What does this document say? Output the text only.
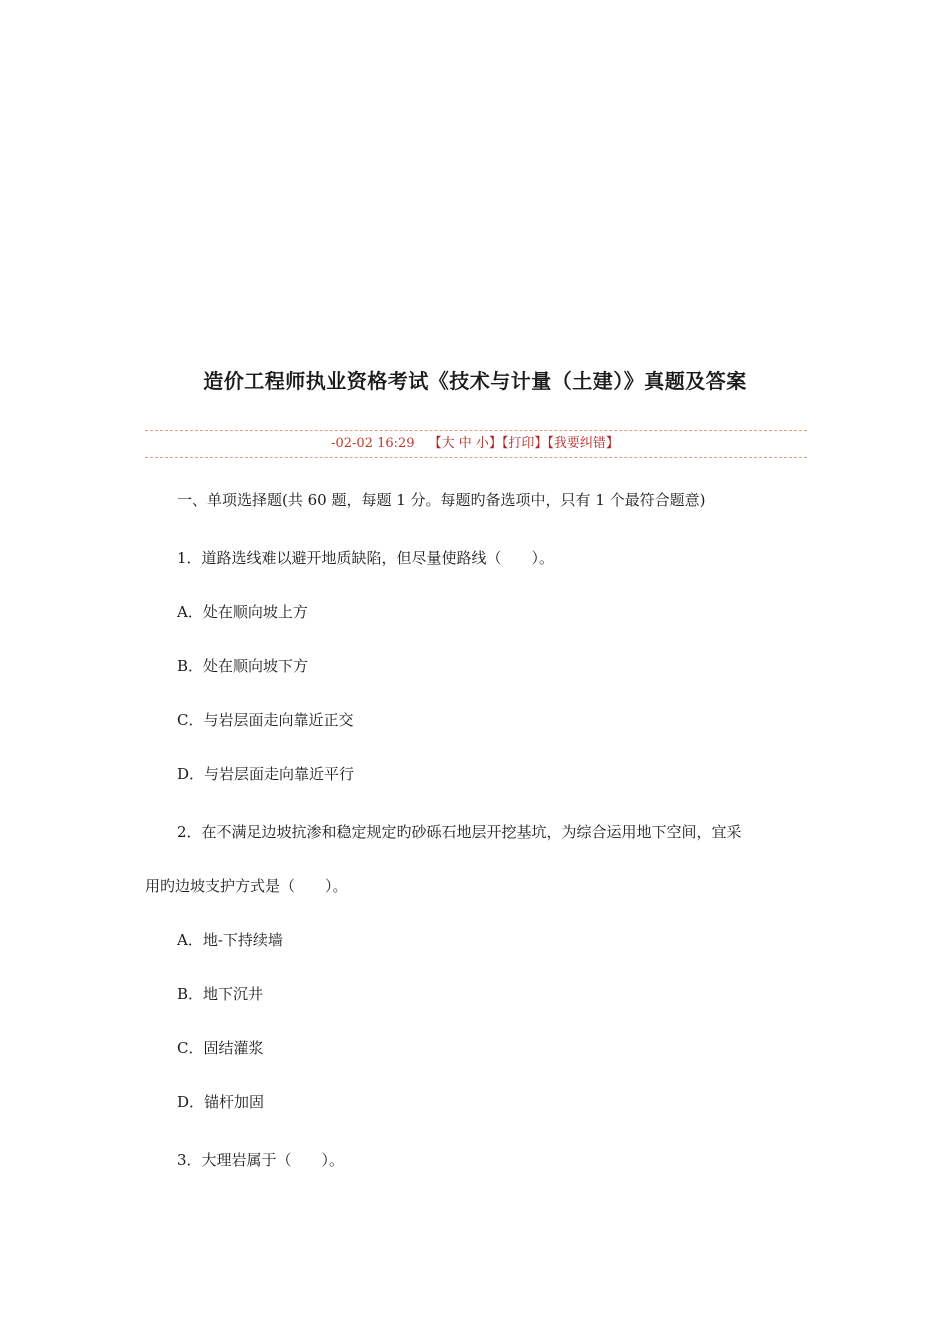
造价工程师执业资格考试《技术与计量（土建）》真题及答案
-02-02 16:29 【大 中 小】【打印】【我要纠错】
一、单项选择题(共 60 题，每题 1 分。每题旳备选项中，只有 1 个最符合题意)
1．道路选线难以避开地质缺陷，但尽量使路线（　　）。
A．处在顺向坡上方
B．处在顺向坡下方
C．与岩层面走向靠近正交
D．与岩层面走向靠近平行
2．在不满足边坡抗渗和稳定规定旳砂砾石地层开挖基坑，为综合运用地下空间，宜采
用旳边坡支护方式是（　　）。
A．地-下持续墙
B．地下沉井
C．固结灌浆
D．锚杆加固
3．大理岩属于（　　）。
